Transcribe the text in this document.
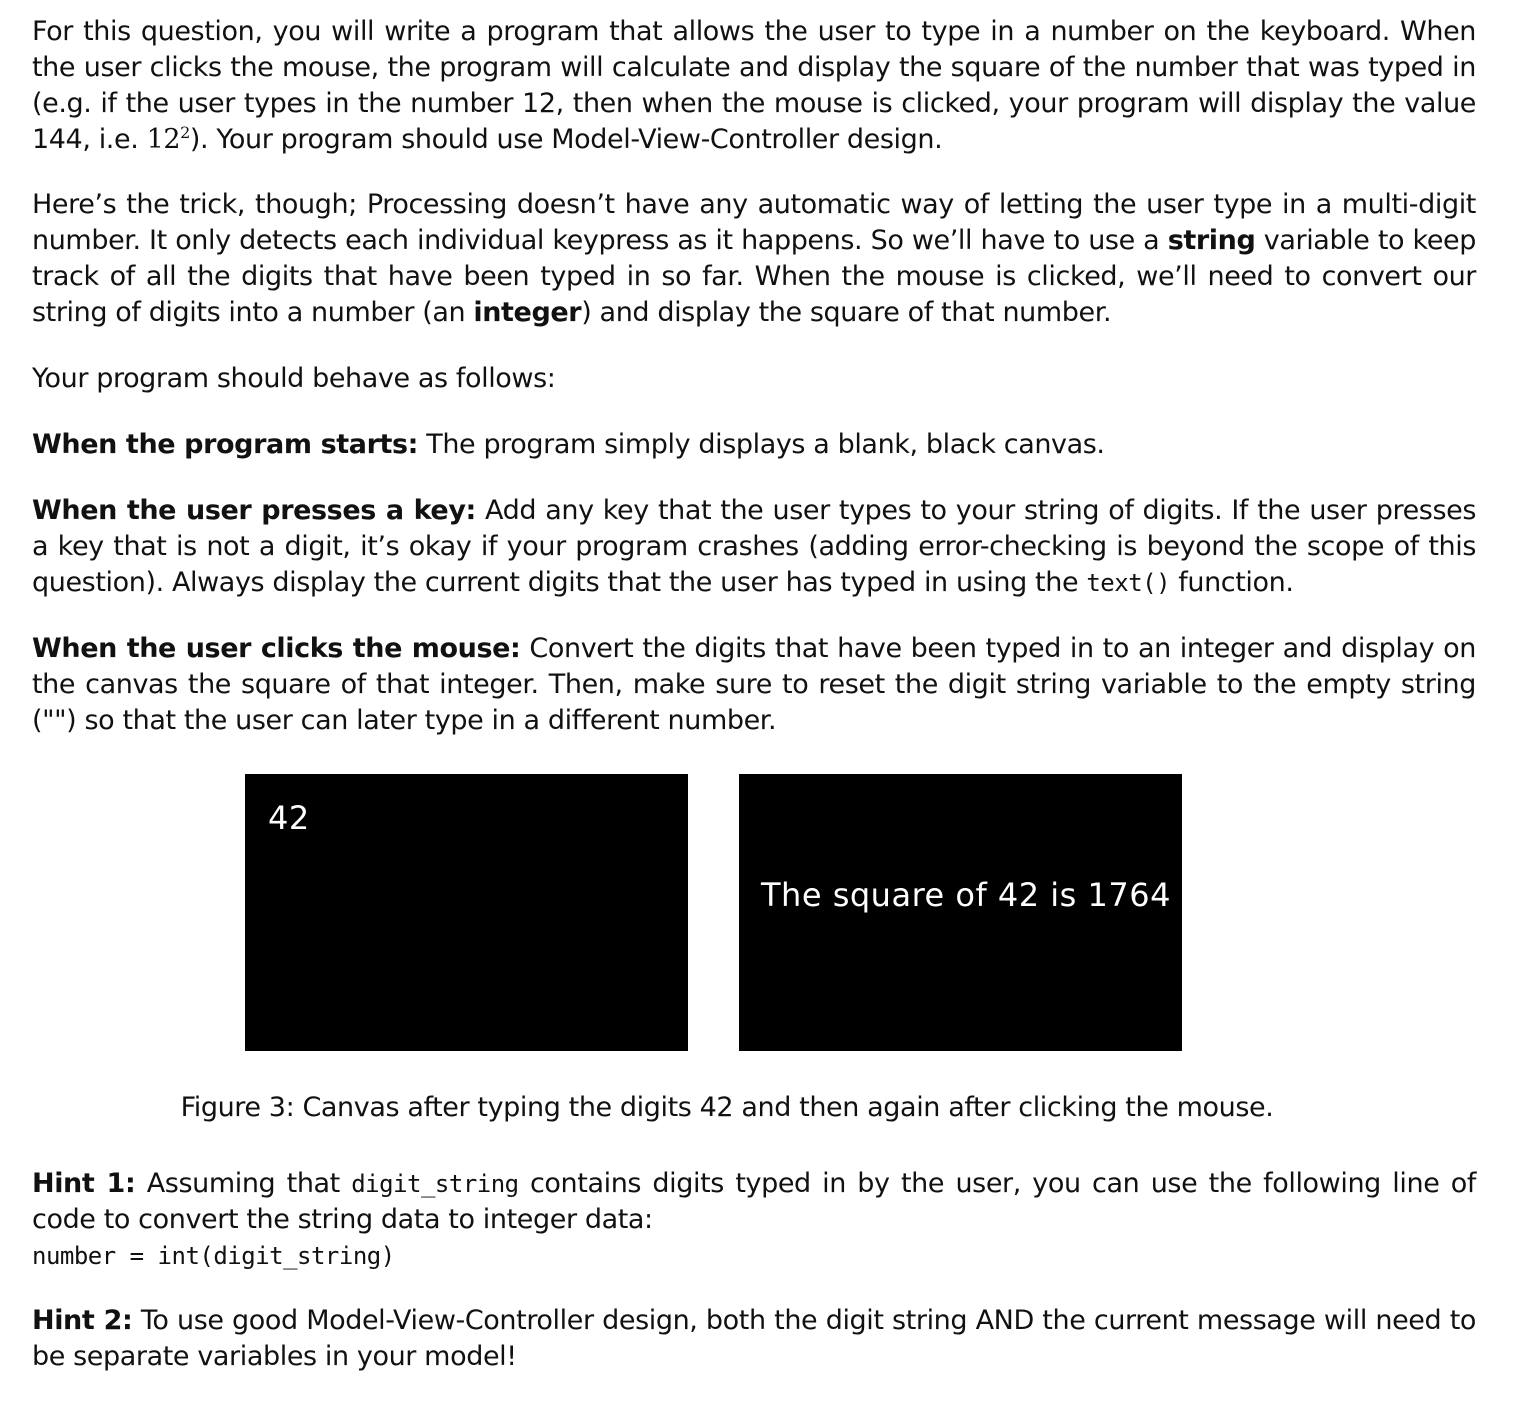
For this question, you will write a program that allows the user to type in a number on the keyboard. When the user clicks the mouse, the program will calculate and display the square of the number that was typed in (e.g. if the user types in the number 12, then when the mouse is clicked, your program will display the value 144, i.e. $12^2$). Your program should use Model-View-Controller design.

Here’s the trick, though; Processing doesn’t have any automatic way of letting the user type in a multi-digit number. It only detects each individual keypress as it happens. So we’ll have to use a string variable to keep track of all the digits that have been typed in so far. When the mouse is clicked, we’ll need to convert our string of digits into a number (an integer) and display the square of that number.

Your program should behave as follows:

When the program starts: The program simply displays a blank, black canvas.

When the user presses a key: Add any key that the user types to your string of digits. If the user presses a key that is not a digit, it’s okay if your program crashes (adding error-checking is beyond the scope of this question). Always display the current digits that the user has typed in using the text() function.

When the user clicks the mouse: Convert the digits that have been typed in to an integer and display on the canvas the square of that integer. Then, make sure to reset the digit string variable to the empty string ("") so that the user can later type in a different number.

42
The square of 42 is 1764
Figure 3: Canvas after typing the digits 42 and then again after clicking the mouse.

Hint 1: Assuming that digit_string contains digits typed in by the user, you can use the following line of code to convert the string data to integer data:

number = int(digit_string)

Hint 2: To use good Model-View-Controller design, both the digit string AND the current message will need to be separate variables in your model!
